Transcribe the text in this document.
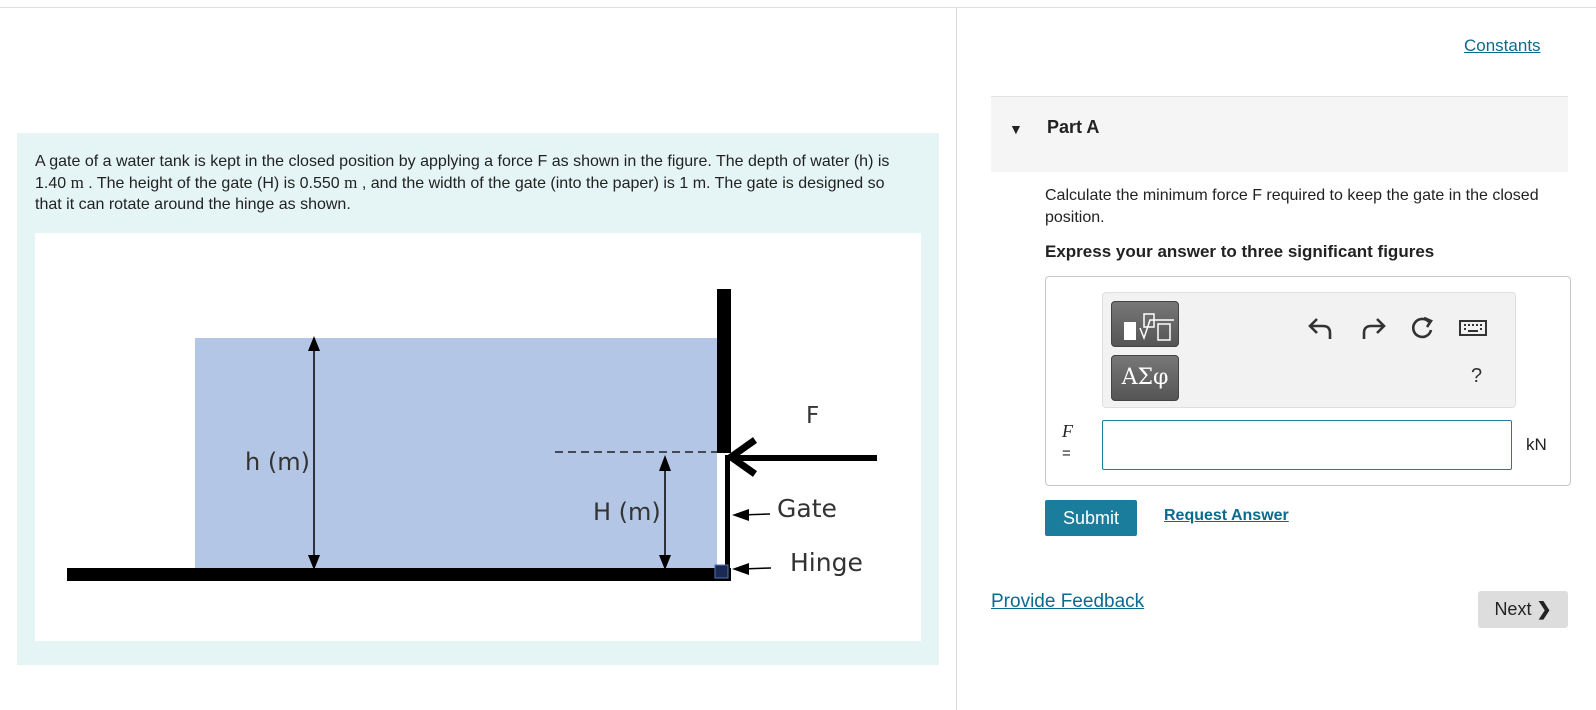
A gate of a water tank is kept in the closed position by applying a force F as shown in the figure. The depth of water (h) is 1.40 m . The height of the gate (H) is 0.550 m , and the width of the gate (into the paper) is 1 m. The gate is designed so that it can rotate around the hinge as shown.
h (m)
H (m)
F
Gate
Hinge
Constants
▼ Part A
Calculate the minimum force F required to keep the gate in the closed position.
Express your answer to three significant figures
ΑΣφ	?
F
=	kN
Submit	Request Answer
Provide Feedback	Next ❯
